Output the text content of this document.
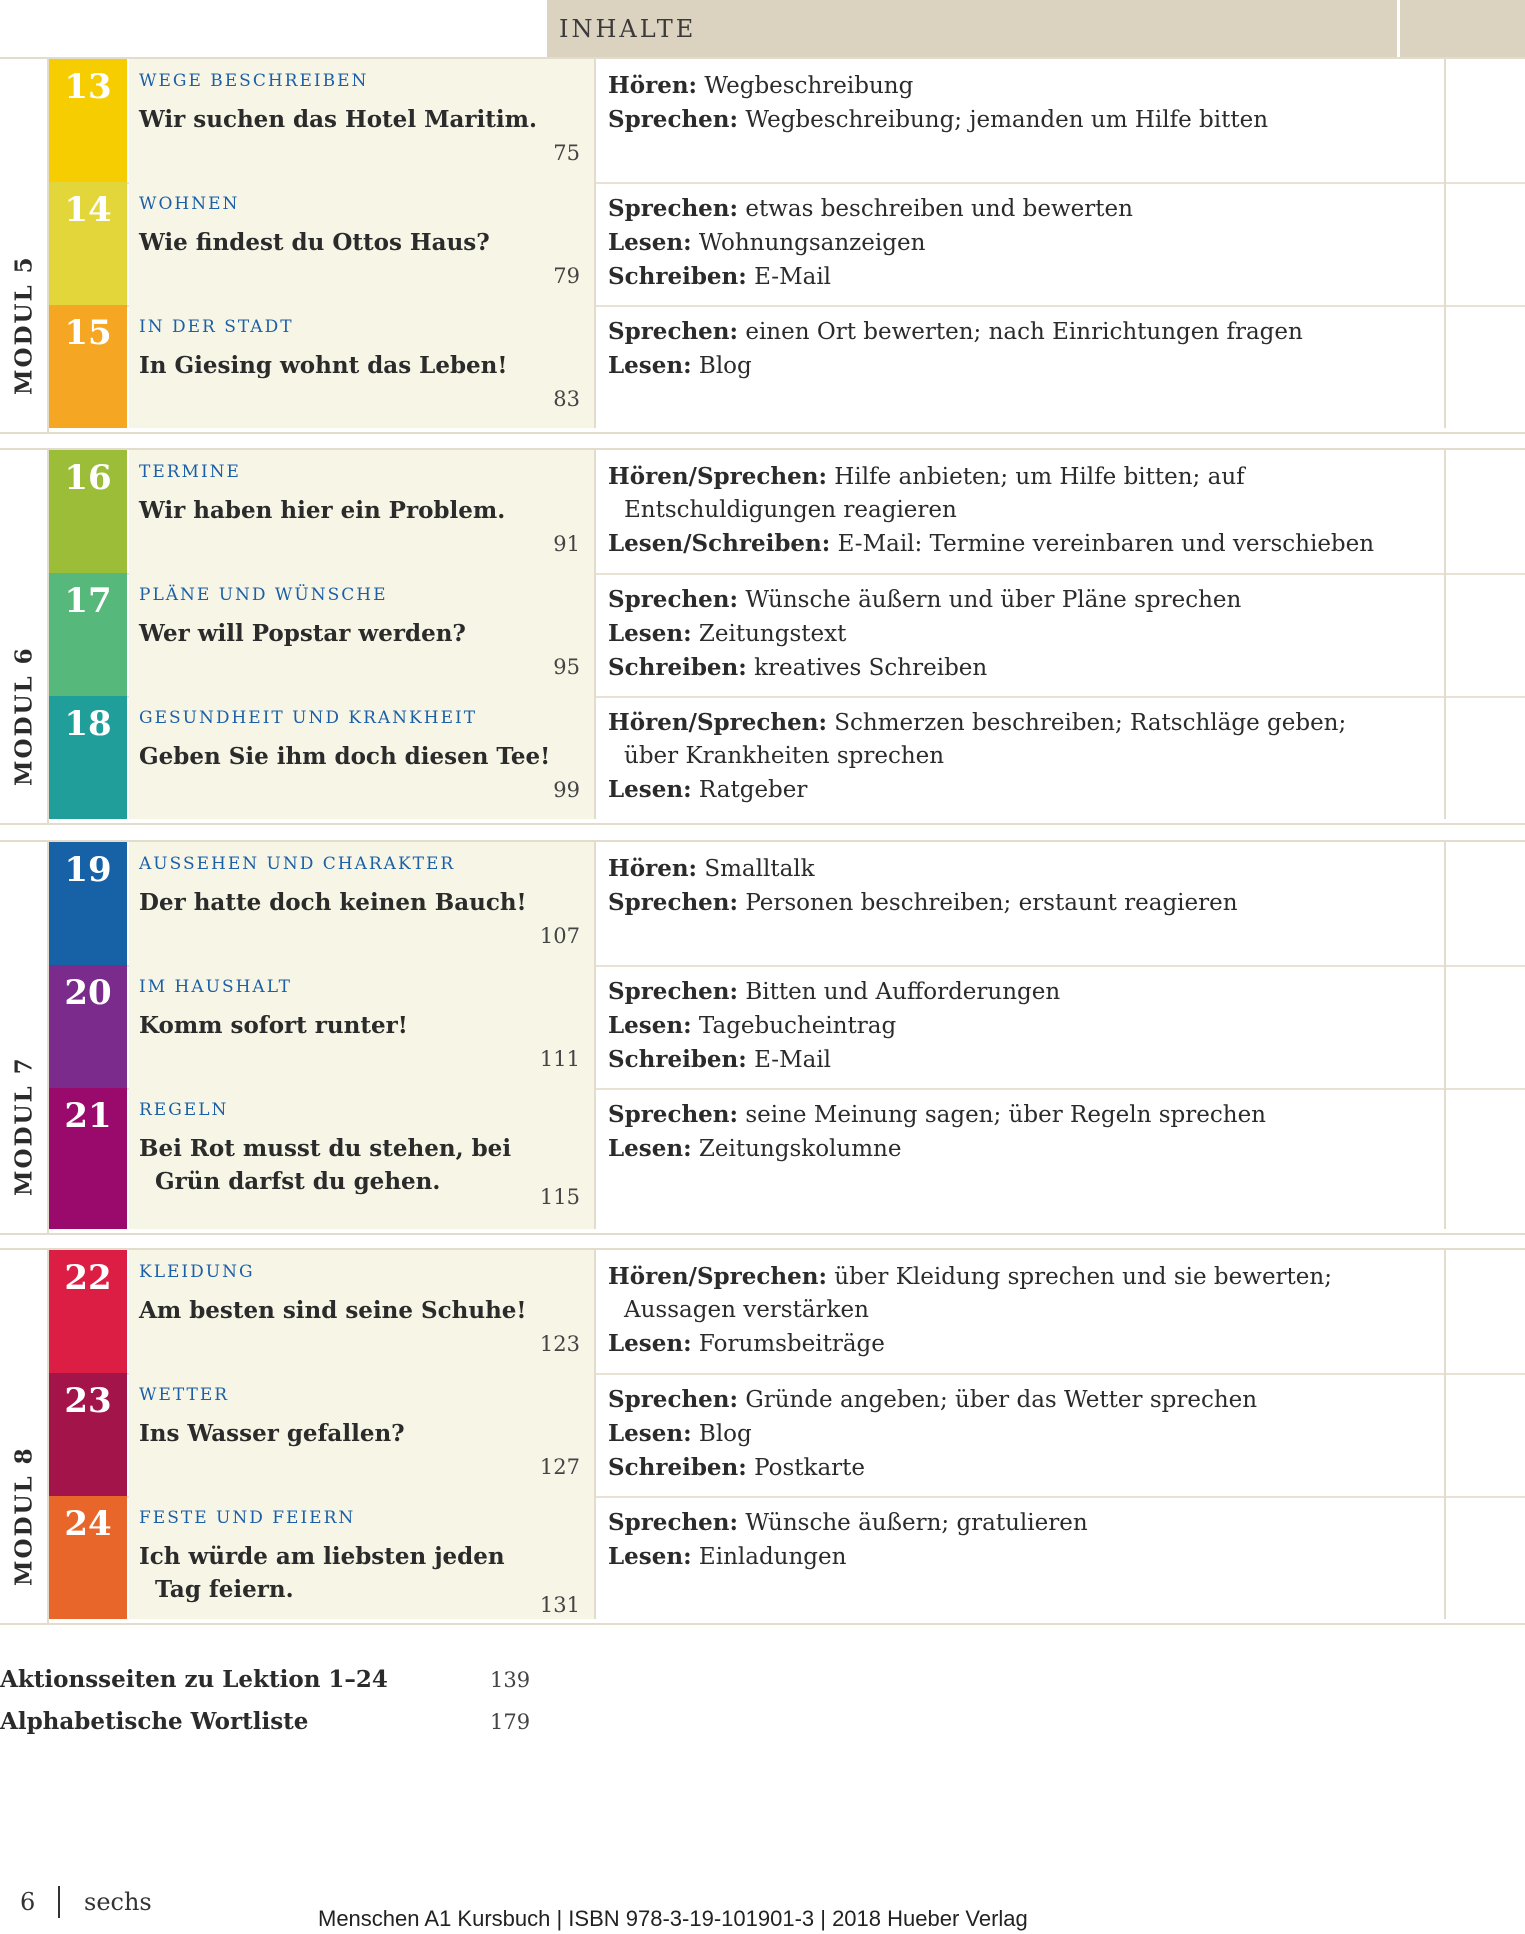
INHALTE
MODUL 5
13	WEGE BESCHREIBEN
Wir suchen das Hotel Maritim.
75
Hören: Wegbeschreibung
Sprechen: Wegbeschreibung; jemanden um Hilfe bitten
14	WOHNEN
Wie findest du Ottos Haus?
79
Sprechen: etwas beschreiben und bewerten
Lesen: Wohnungsanzeigen
Schreiben: E-Mail
15	IN DER STADT
In Giesing wohnt das Leben!
83
Sprechen: einen Ort bewerten; nach Einrichtungen fragen
Lesen: Blog
MODUL 6
16	TERMINE
Wir haben hier ein Problem.
91
Hören/Sprechen: Hilfe anbieten; um Hilfe bitten; auf
Entschuldigungen reagieren
Lesen/Schreiben: E-Mail: Termine vereinbaren und verschieben
17	PLÄNE UND WÜNSCHE
Wer will Popstar werden?
95
Sprechen: Wünsche äußern und über Pläne sprechen
Lesen: Zeitungstext
Schreiben: kreatives Schreiben
18	GESUNDHEIT UND KRANKHEIT
Geben Sie ihm doch diesen Tee!
99
Hören/Sprechen: Schmerzen beschreiben; Ratschläge geben;
über Krankheiten sprechen
Lesen: Ratgeber
MODUL 7
19	AUSSEHEN UND CHARAKTER
Der hatte doch keinen Bauch!
107
Hören: Smalltalk
Sprechen: Personen beschreiben; erstaunt reagieren
20	IM HAUSHALT
Komm sofort runter!
111
Sprechen: Bitten und Aufforderungen
Lesen: Tagebucheintrag
Schreiben: E-Mail
21	REGELN
Bei Rot musst du stehen, bei
Grün darfst du gehen.
115
Sprechen: seine Meinung sagen; über Regeln sprechen
Lesen: Zeitungskolumne
MODUL 8
22	KLEIDUNG
Am besten sind seine Schuhe!
123
Hören/Sprechen: über Kleidung sprechen und sie bewerten;
Aussagen verstärken
Lesen: Forumsbeiträge
23	WETTER
Ins Wasser gefallen?
127
Sprechen: Gründe angeben; über das Wetter sprechen
Lesen: Blog
Schreiben: Postkarte
24	FESTE UND FEIERN
Ich würde am liebsten jeden
Tag feiern.
131
Sprechen: Wünsche äußern; gratulieren
Lesen: Einladungen
Aktionsseiten zu Lektion 1–24	139
Alphabetische Wortliste	179
6 sechs
Menschen A1 Kursbuch | ISBN 978-3-19-101901-3 | 2018 Hueber Verlag
